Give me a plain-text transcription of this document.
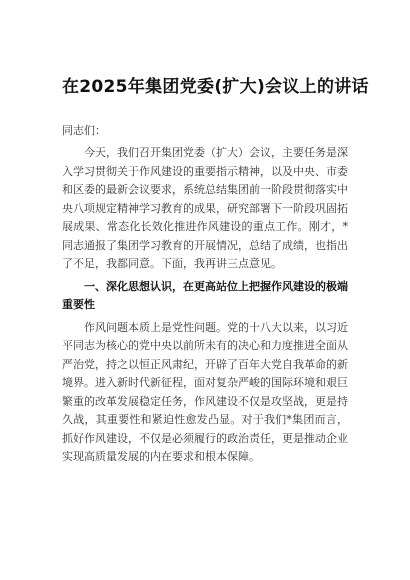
在2025年集团党委(扩大)会议上的讲话

同志们：

今天，我们召开集团党委（扩大）会议，主要任务是深入学习贯彻关于作风建设的重要指示精神，以及中央、市委和区委的最新会议要求，系统总结集团前一阶段贯彻落实中央八项规定精神学习教育的成果，研究部署下一阶段巩固拓展成果、常态化长效化推进作风建设的重点工作。刚才，*同志通报了集团学习教育的开展情况，总结了成绩，也指出了不足，我都同意。下面，我再讲三点意见。

一、深化思想认识，在更高站位上把握作风建设的极端重要性

作风问题本质上是党性问题。党的十八大以来，以习近平同志为核心的党中央以前所未有的决心和力度推进全面从严治党，持之以恒正风肃纪，开辟了百年大党自我革命的新境界。进入新时代新征程，面对复杂严峻的国际环境和艰巨繁重的改革发展稳定任务，作风建设不仅是攻坚战，更是持久战，其重要性和紧迫性愈发凸显。对于我们*集团而言，抓好作风建设，不仅是必须履行的政治责任，更是推动企业实现高质量发展的内在要求和根本保障。
